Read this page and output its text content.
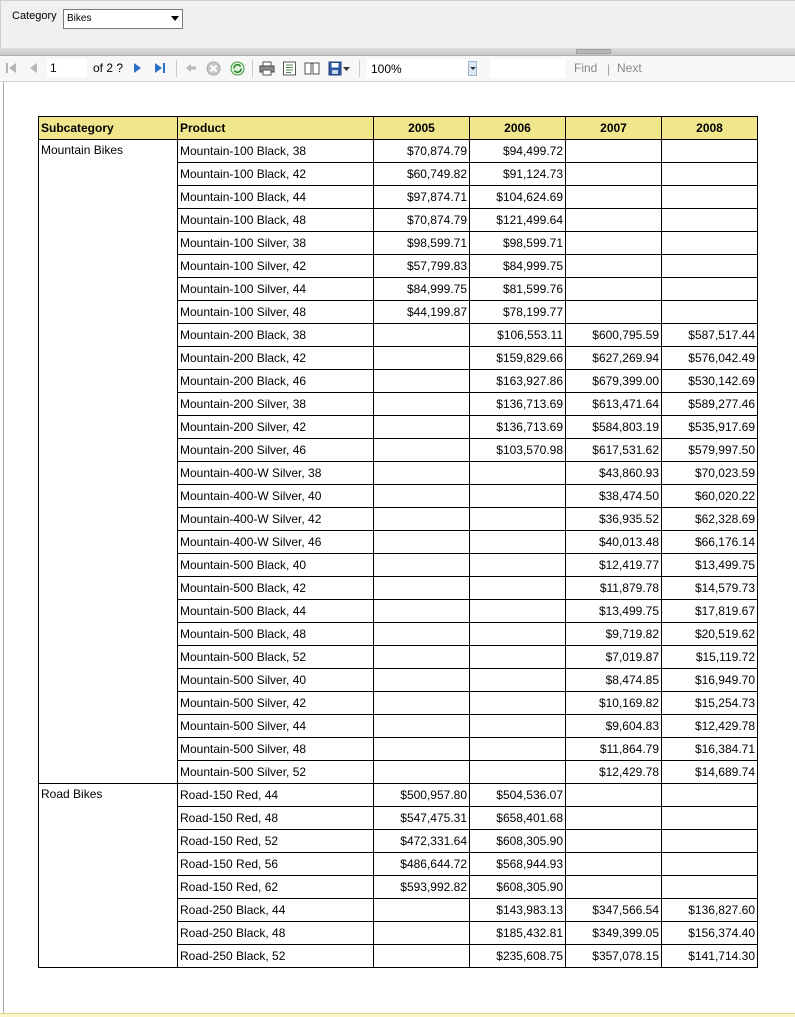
Category Bikes
1
of 2 ?	100%	Find | Next
Subcategory	Product	2005	2006	2007	2008
Mountain Bikes	Mountain-100 Black, 38	$70,874.79	$94,499.72		
	Mountain-100 Black, 42	$60,749.82	$91,124.73		
	Mountain-100 Black, 44	$97,874.71	$104,624.69		
	Mountain-100 Black, 48	$70,874.79	$121,499.64		
	Mountain-100 Silver, 38	$98,599.71	$98,599.71		
	Mountain-100 Silver, 42	$57,799.83	$84,999.75		
	Mountain-100 Silver, 44	$84,999.75	$81,599.76		
	Mountain-100 Silver, 48	$44,199.87	$78,199.77		
	Mountain-200 Black, 38		$106,553.11	$600,795.59	$587,517.44
	Mountain-200 Black, 42		$159,829.66	$627,269.94	$576,042.49
	Mountain-200 Black, 46		$163,927.86	$679,399.00	$530,142.69
	Mountain-200 Silver, 38		$136,713.69	$613,471.64	$589,277.46
	Mountain-200 Silver, 42		$136,713.69	$584,803.19	$535,917.69
	Mountain-200 Silver, 46		$103,570.98	$617,531.62	$579,997.50
	Mountain-400-W Silver, 38			$43,860.93	$70,023.59
	Mountain-400-W Silver, 40			$38,474.50	$60,020.22
	Mountain-400-W Silver, 42			$36,935.52	$62,328.69
	Mountain-400-W Silver, 46			$40,013.48	$66,176.14
	Mountain-500 Black, 40			$12,419.77	$13,499.75
	Mountain-500 Black, 42			$11,879.78	$14,579.73
	Mountain-500 Black, 44			$13,499.75	$17,819.67
	Mountain-500 Black, 48			$9,719.82	$20,519.62
	Mountain-500 Black, 52			$7,019.87	$15,119.72
	Mountain-500 Silver, 40			$8,474.85	$16,949.70
	Mountain-500 Silver, 42			$10,169.82	$15,254.73
	Mountain-500 Silver, 44			$9,604.83	$12,429.78
	Mountain-500 Silver, 48			$11,864.79	$16,384.71
	Mountain-500 Silver, 52			$12,429.78	$14,689.74
Road Bikes	Road-150 Red, 44	$500,957.80	$504,536.07		
	Road-150 Red, 48	$547,475.31	$658,401.68		
	Road-150 Red, 52	$472,331.64	$608,305.90		
	Road-150 Red, 56	$486,644.72	$568,944.93		
	Road-150 Red, 62	$593,992.82	$608,305.90		
	Road-250 Black, 44		$143,983.13	$347,566.54	$136,827.60
	Road-250 Black, 48		$185,432.81	$349,399.05	$156,374.40
	Road-250 Black, 52		$235,608.75	$357,078.15	$141,714.30
